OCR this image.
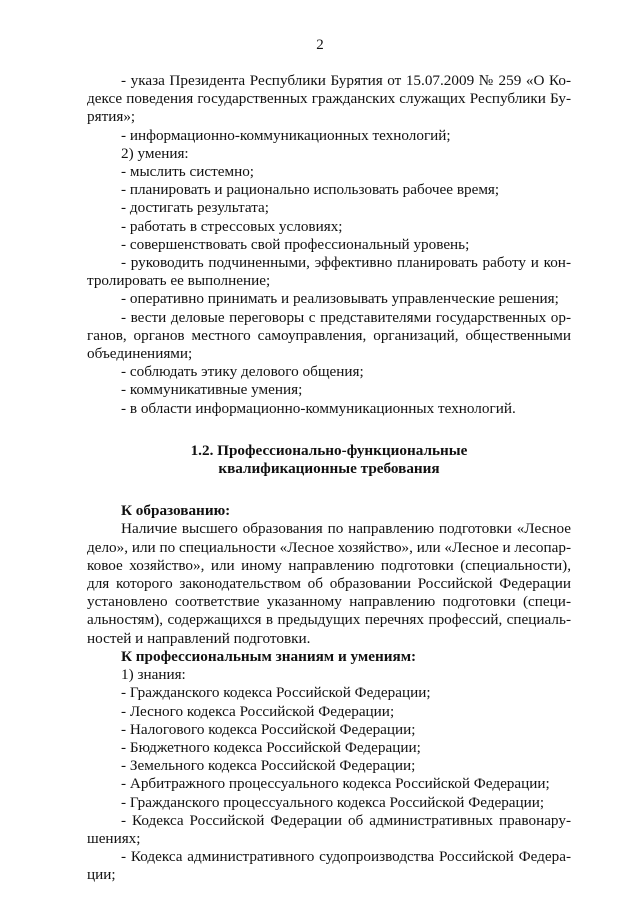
2

- указа Президента Республики Бурятия от 15.07.2009 № 259 «О Кодексе поведения государственных гражданских служащих Республики Бурятия»;

- информационно-коммуникационных технологий;

2) умения:

- мыслить системно;

- планировать и рационально использовать рабочее время;

- достигать результата;

- работать в стрессовых условиях;

- совершенствовать свой профессиональный уровень;

- руководить подчиненными, эффективно планировать работу и контролировать ее выполнение;

- оперативно принимать и реализовывать управленческие решения;

- вести деловые переговоры с представителями государственных органов, органов местного самоуправления, организаций, общественными объединениями;

- соблюдать этику делового общения;

- коммуникативные умения;

- в области информационно-коммуникационных технологий.

1.2. Профессионально-функциональные
квалификационные требования

К образованию:

Наличие высшего образования по направлению подготовки «Лесное дело», или по специальности «Лесное хозяйство», или «Лесное и лесопарковое хозяйство», или иному направлению подготовки (специальности), для которого законодательством об образовании Российской Федерации установлено соответствие указанному направлению подготовки (специальностям), содержащихся в предыдущих перечнях профессий, специальностей и направлений подготовки.

К профессиональным знаниям и умениям:

1) знания:

- Гражданского кодекса Российской Федерации;

- Лесного кодекса Российской Федерации;

- Налогового кодекса Российской Федерации;

- Бюджетного кодекса Российской Федерации;

- Земельного кодекса Российской Федерации;

- Арбитражного процессуального кодекса Российской Федерации;

- Гражданского процессуального кодекса Российской Федерации;

- Кодекса Российской Федерации об административных правонарушениях;

- Кодекса административного судопроизводства Российской Федерации;
